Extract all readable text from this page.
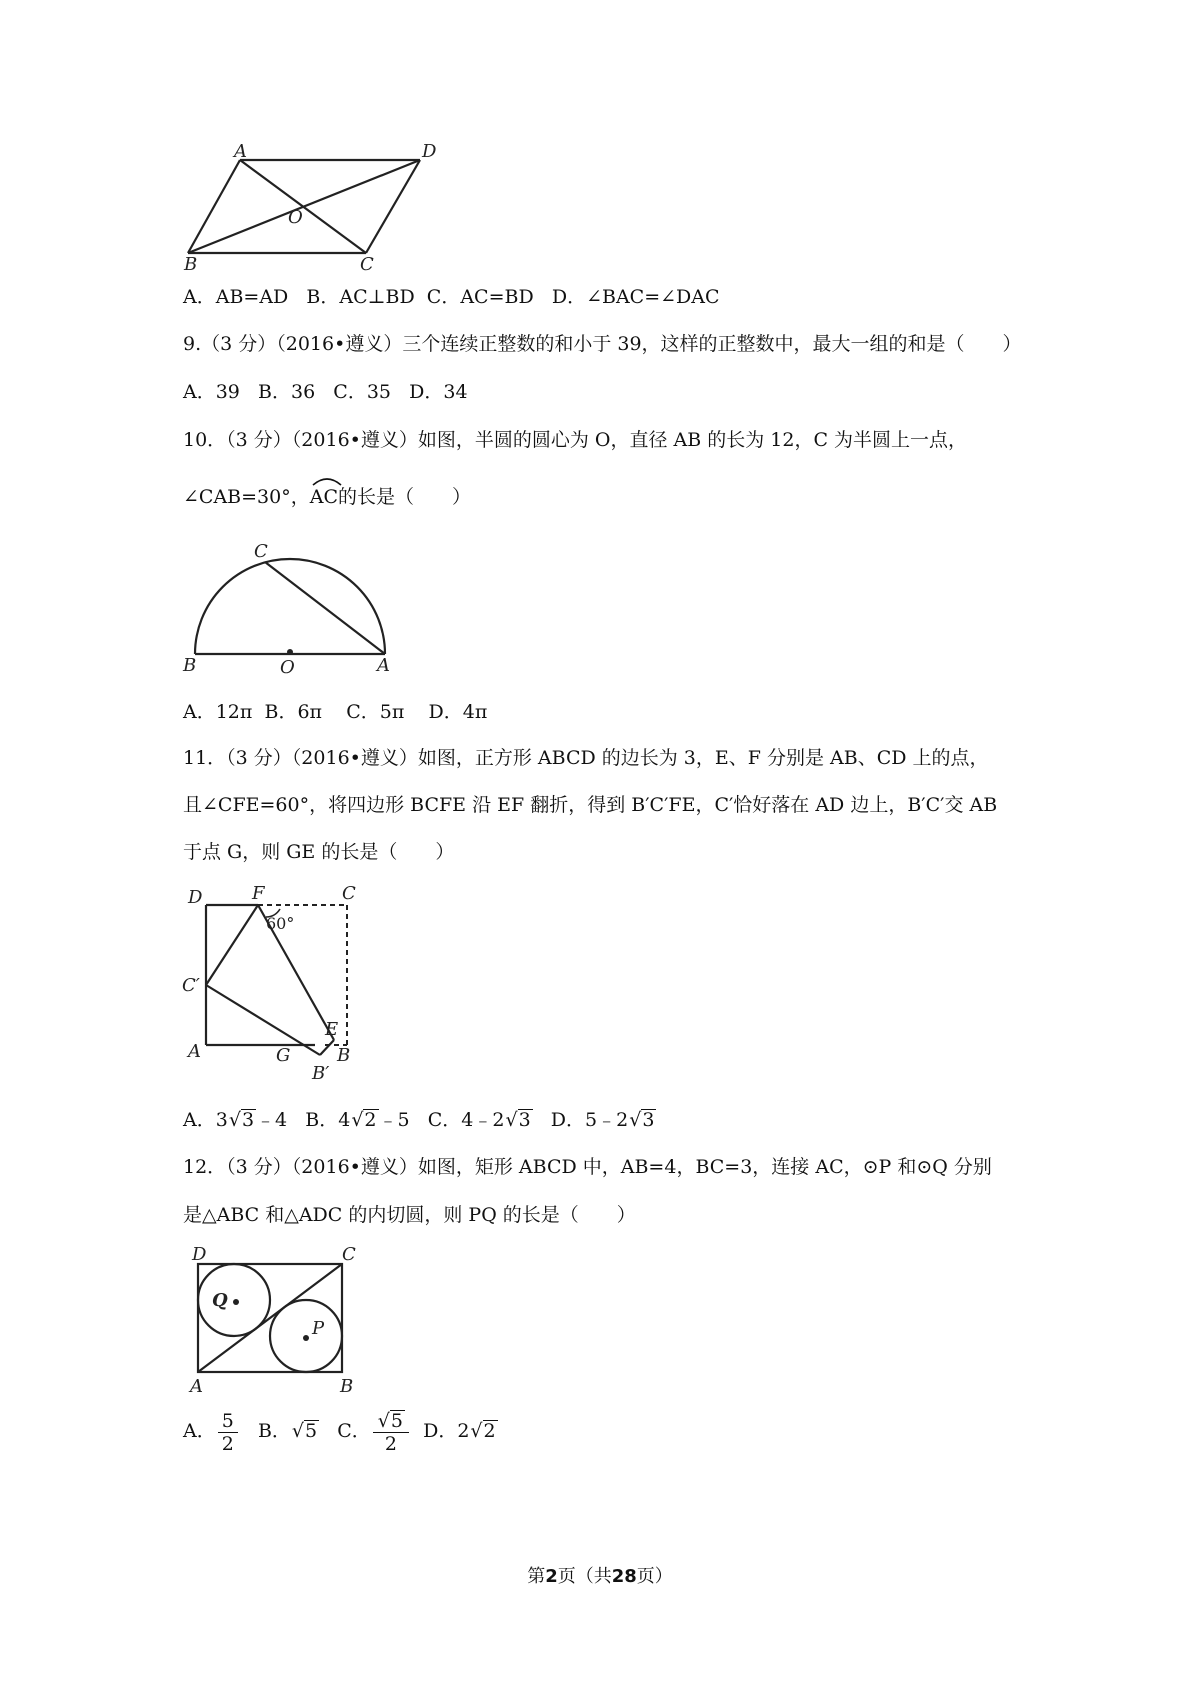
A	D
B	C
O
A．AB=AD B．AC⊥BD C．AC=BD D．∠BAC=∠DAC
9.（3 分）（2016•遵义）三个连续正整数的和小于 39，这样的正整数中，最大一组的和是（　　）
A．39 B．36 C．35 D．34
10．（3 分）（2016•遵义）如图，半圆的圆心为 O，直径 AB 的长为 12，C 为半圆上一点，
∠CAB=30°，
AC的长是（　　）
C
B	O	A
A．12π B．6π C．5π D．4π
11．（3 分）（2016•遵义）如图，正方形 ABCD 的边长为 3，E、F 分别是 AB、CD 上的点，
且∠CFE=60°，将四边形 BCFE 沿 EF 翻折，得到 B′C′FE，C′恰好落在 AD 边上，B′C′交 AB
于点 G，则 GE 的长是（　　）
D	F	C
60°
C′
E
A	G	B
B′
A．3√3 ﹣4 B．4√2 ﹣5 C．4﹣2√3 D．5﹣2√3
12．（3 分）（2016•遵义）如图，矩形 ABCD 中，AB=4，BC=3，连接 AC，⊙P 和⊙Q 分别
是△ABC 和△ADC 的内切圆，则 PQ 的长是（　　）
D	C
Q
P
A	B
A． $\frac{5}{2}$ B．√5 C． $\frac{√5}{2}$ D．2√2
第2页（共28页）
